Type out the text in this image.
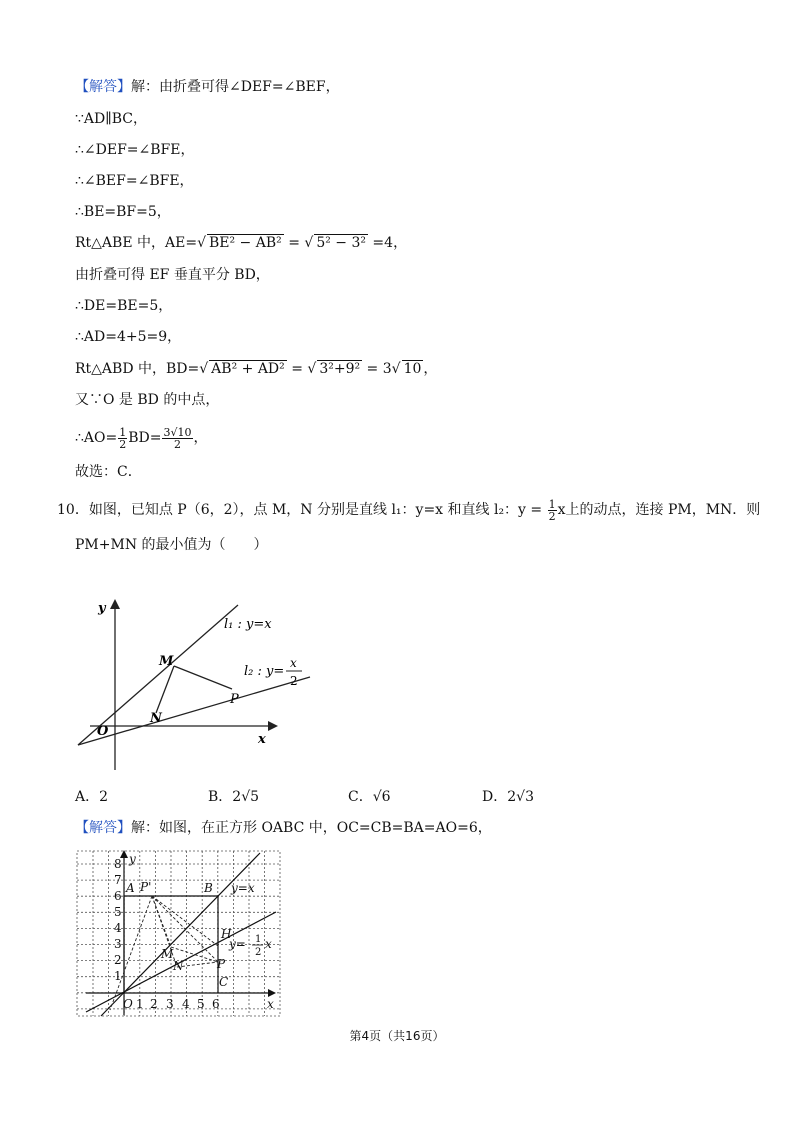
【解答】解：由折叠可得∠DEF=∠BEF，
∵AD∥BC，
∴∠DEF=∠BFE，
∴∠BEF=∠BFE，
∴BE=BF=5，
Rt△ABE 中，AE=√ BE² − AB² = √ 5² − 3² =4，
由折叠可得 EF 垂直平分 BD，
∴DE=BE=5，
∴AD=4+5=9，
Rt△ABD 中，BD=√ AB² + AD² = √ 3²+9² = 3√ 10 ，
又∵O 是 BD 的中点，
∴AO= $\frac{1}{2} BD= \frac{3√10}{2}$ ，
故选：C．
10．如图，已知点 P（6，2），点 M，N 分别是直线 l₁：y=x 和直线 l₂：$y = \frac{1}{2}$ x上的动点，连接 PM，MN．则
PM+MN 的最小值为（　　）
y
x
O
M
N
P
l₁ : y=x
l₂ : y=
x
2
A．2	B．2√5	C．√6	D．2√3
【解答】解：如图，在正方形 OABC 中，OC=CB=BA=AO=6，
y
x
8
7
6
5
4
3
2
1
O 1 2 3 4 5 6
A P'	B
H
M
N	P
C
y=x
y= 1
2
x
第4页（共16页）
